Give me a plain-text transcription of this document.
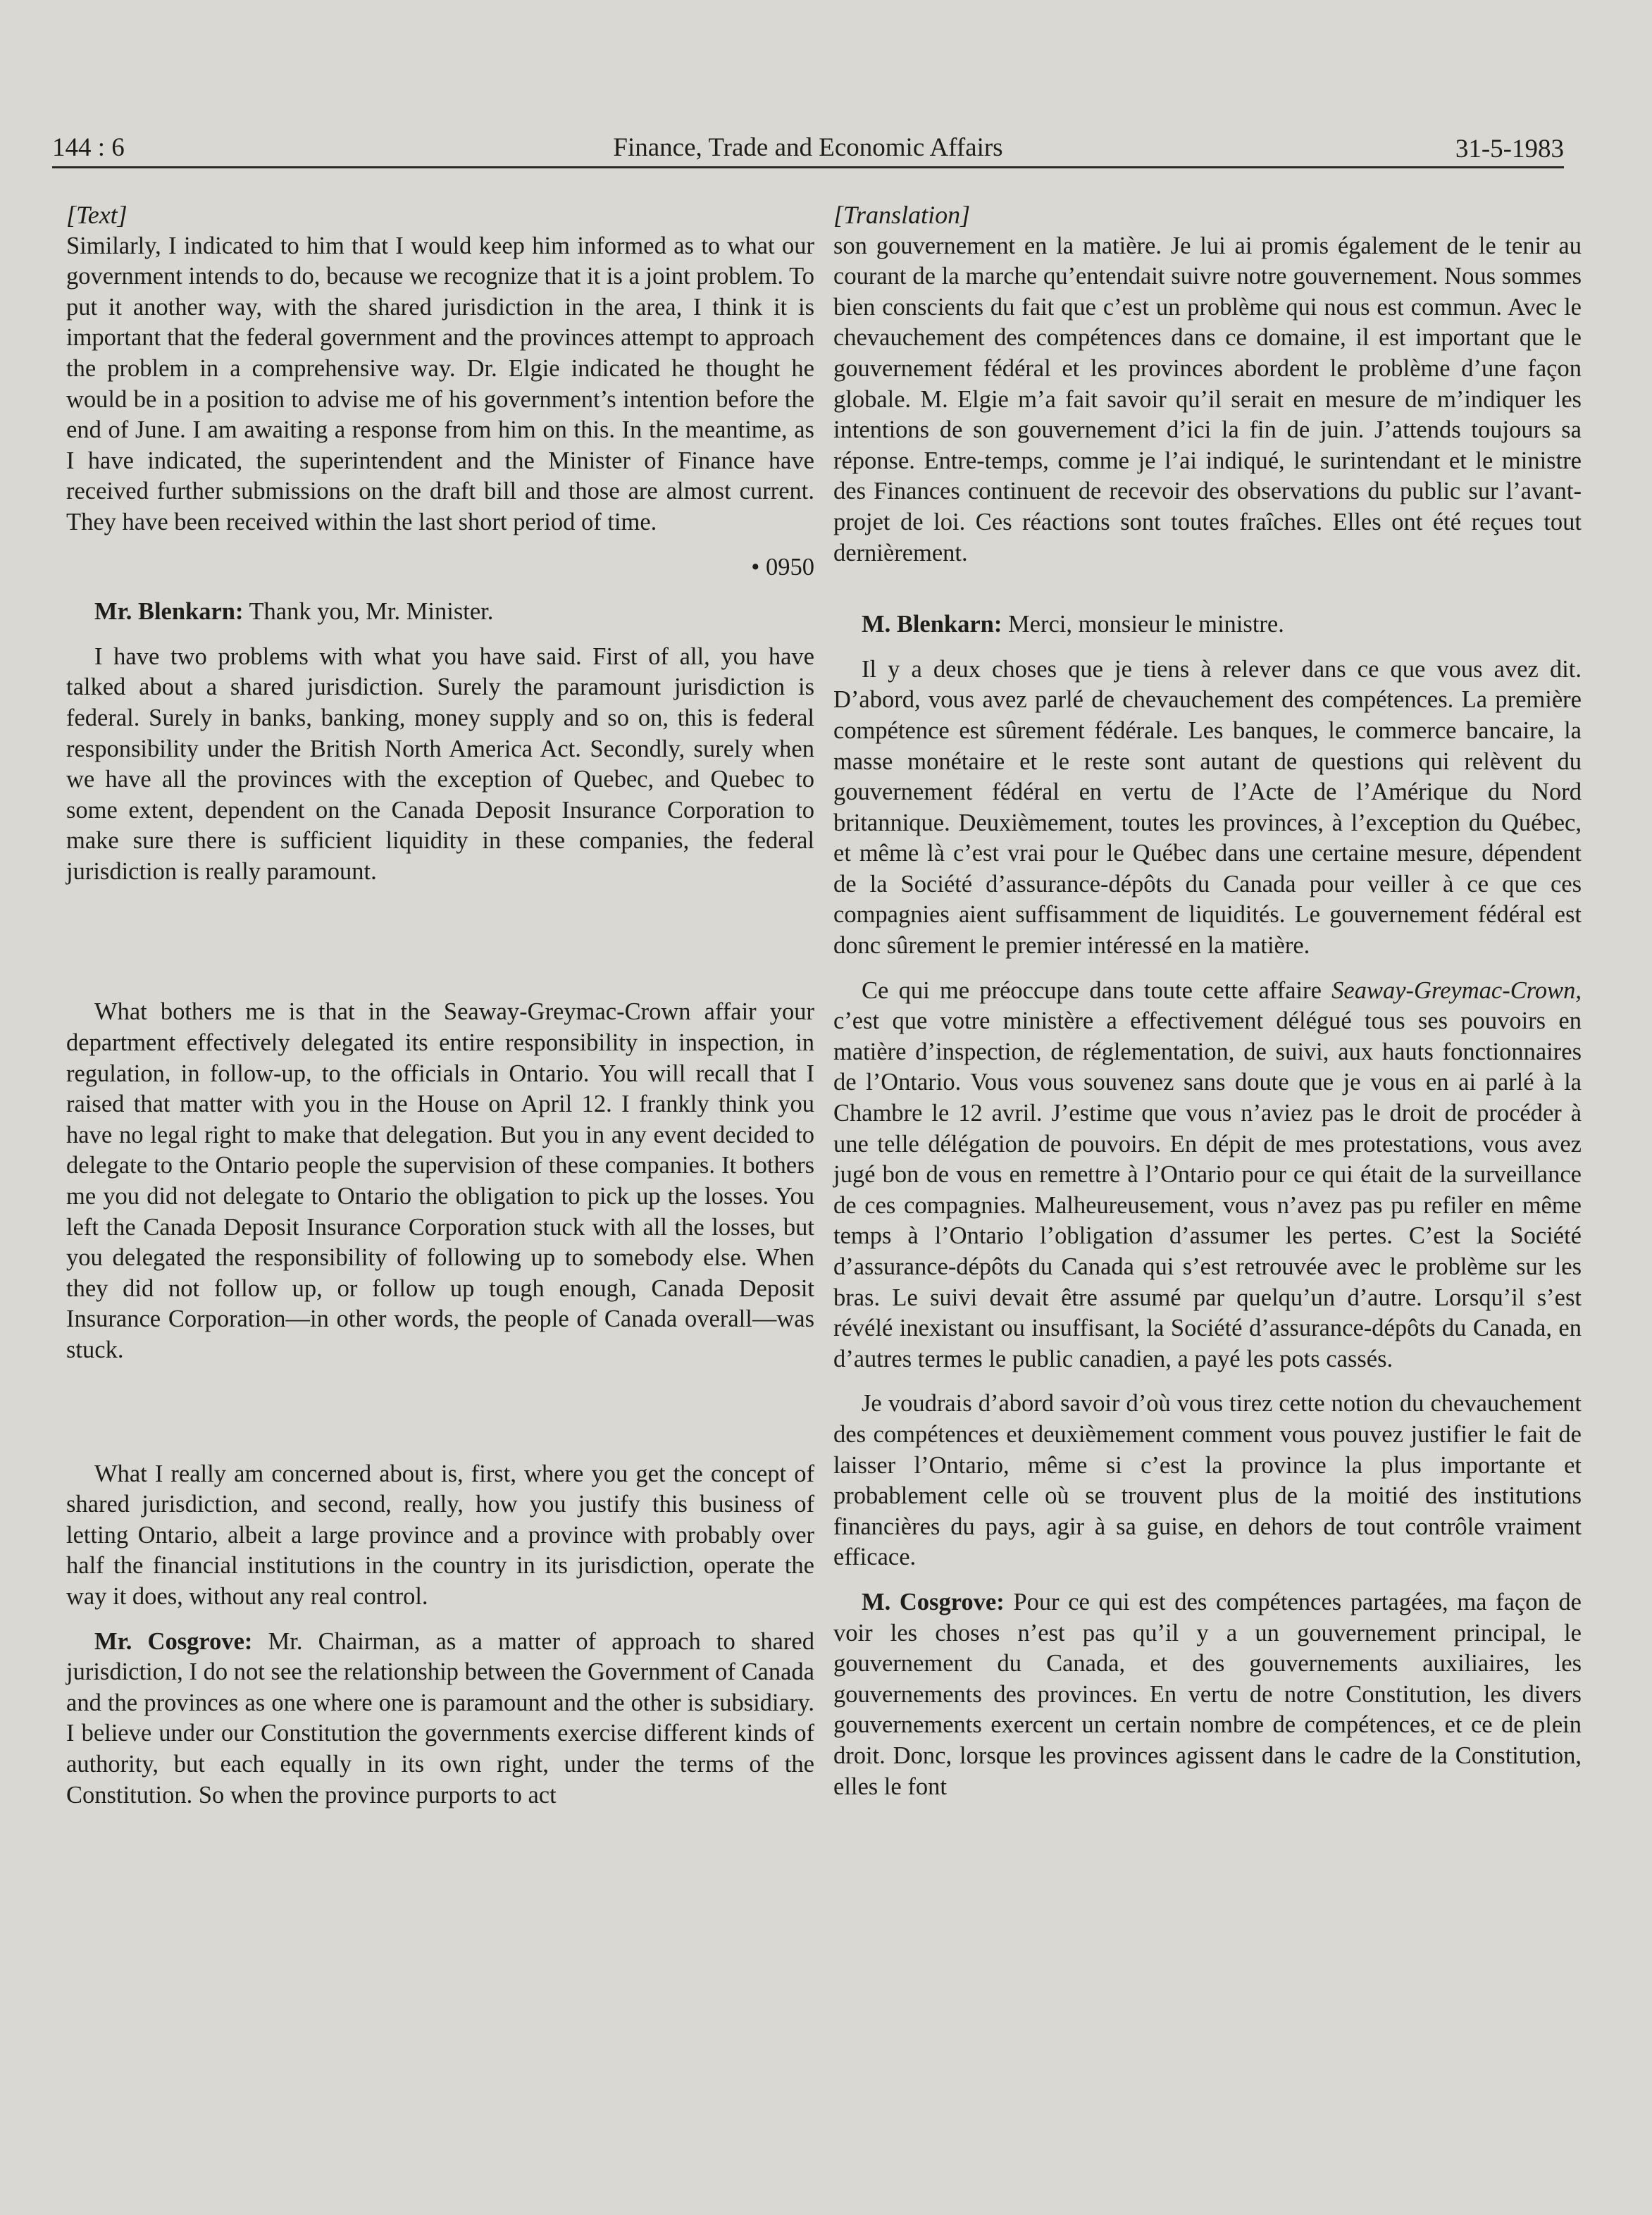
144 : 6	Finance, Trade and Economic Affairs	31-5-1983

[Text]

Similarly, I indicated to him that I would keep him informed as to what our government intends to do, because we recognize that it is a joint problem. To put it another way, with the shared jurisdiction in the area, I think it is important that the federal government and the provinces attempt to approach the problem in a comprehensive way. Dr. Elgie indicated he thought he would be in a position to advise me of his government’s intention before the end of June. I am awaiting a response from him on this. In the meantime, as I have indicated, the superintendent and the Minister of Finance have received further submissions on the draft bill and those are almost current. They have been received within the last short period of time.

• 0950

Mr. Blenkarn: Thank you, Mr. Minister.

I have two problems with what you have said. First of all, you have talked about a shared jurisdiction. Surely the paramount jurisdiction is federal. Surely in banks, banking, money supply and so on, this is federal responsibility under the British North America Act. Secondly, surely when we have all the provinces with the exception of Quebec, and Quebec to some extent, dependent on the Canada Deposit Insurance Corporation to make sure there is sufficient liquidity in these companies, the federal jurisdiction is really paramount.

What bothers me is that in the Seaway-Greymac-Crown affair your department effectively delegated its entire responsibility in inspection, in regulation, in follow-up, to the officials in Ontario. You will recall that I raised that matter with you in the House on April 12. I frankly think you have no legal right to make that delegation. But you in any event decided to delegate to the Ontario people the supervision of these companies. It bothers me you did not delegate to Ontario the obligation to pick up the losses. You left the Canada Deposit Insurance Corporation stuck with all the losses, but you delegated the responsibility of following up to somebody else. When they did not follow up, or follow up tough enough, Canada Deposit Insurance Corporation—in other words, the people of Canada overall—was stuck.

What I really am concerned about is, first, where you get the concept of shared jurisdiction, and second, really, how you justify this business of letting Ontario, albeit a large province and a province with probably over half the financial institutions in the country in its jurisdiction, operate the way it does, without any real control.

Mr. Cosgrove: Mr. Chairman, as a matter of approach to shared jurisdiction, I do not see the relationship between the Government of Canada and the provinces as one where one is paramount and the other is subsidiary. I believe under our Constitution the governments exercise different kinds of authority, but each equally in its own right, under the terms of the Constitution. So when the province purports to act

[Translation]

son gouvernement en la matière. Je lui ai promis également de le tenir au courant de la marche qu’entendait suivre notre gouvernement. Nous sommes bien conscients du fait que c’est un problème qui nous est commun. Avec le chevauchement des compétences dans ce domaine, il est important que le gouvernement fédéral et les provinces abordent le problème d’une façon globale. M. Elgie m’a fait savoir qu’il serait en mesure de m’indiquer les intentions de son gouvernement d’ici la fin de juin. J’attends toujours sa réponse. Entre-temps, comme je l’ai indiqué, le surintendant et le ministre des Finances continuent de recevoir des observations du public sur l’avant-projet de loi. Ces réactions sont toutes fraîches. Elles ont été reçues tout dernièrement.

M. Blenkarn: Merci, monsieur le ministre.

Il y a deux choses que je tiens à relever dans ce que vous avez dit. D’abord, vous avez parlé de chevauchement des compétences. La première compétence est sûrement fédérale. Les banques, le commerce bancaire, la masse monétaire et le reste sont autant de questions qui relèvent du gouvernement fédéral en vertu de l’Acte de l’Amérique du Nord britannique. Deuxièmement, toutes les provinces, à l’exception du Québec, et même là c’est vrai pour le Québec dans une certaine mesure, dépendent de la Société d’assurance-dépôts du Canada pour veiller à ce que ces compagnies aient suffisamment de liquidités. Le gouvernement fédéral est donc sûrement le premier intéressé en la matière.

Ce qui me préoccupe dans toute cette affaire Seaway-Greymac-Crown, c’est que votre ministère a effectivement délégué tous ses pouvoirs en matière d’inspection, de réglementation, de suivi, aux hauts fonctionnaires de l’Ontario. Vous vous souvenez sans doute que je vous en ai parlé à la Chambre le 12 avril. J’estime que vous n’aviez pas le droit de procéder à une telle délégation de pouvoirs. En dépit de mes protestations, vous avez jugé bon de vous en remettre à l’Ontario pour ce qui était de la surveillance de ces compagnies. Malheureusement, vous n’avez pas pu refiler en même temps à l’Ontario l’obligation d’assumer les pertes. C’est la Société d’assurance-dépôts du Canada qui s’est retrouvée avec le problème sur les bras. Le suivi devait être assumé par quelqu’un d’autre. Lorsqu’il s’est révélé inexistant ou insuffisant, la Société d’assurance-dépôts du Canada, en d’autres termes le public canadien, a payé les pots cassés.

Je voudrais d’abord savoir d’où vous tirez cette notion du chevauchement des compétences et deuxièmement comment vous pouvez justifier le fait de laisser l’Ontario, même si c’est la province la plus importante et probablement celle où se trouvent plus de la moitié des institutions financières du pays, agir à sa guise, en dehors de tout contrôle vraiment efficace.

M. Cosgrove: Pour ce qui est des compétences partagées, ma façon de voir les choses n’est pas qu’il y a un gouvernement principal, le gouvernement du Canada, et des gouvernements auxiliaires, les gouvernements des provinces. En vertu de notre Constitution, les divers gouvernements exercent un certain nombre de compétences, et ce de plein droit. Donc, lorsque les provinces agissent dans le cadre de la Constitution, elles le font
